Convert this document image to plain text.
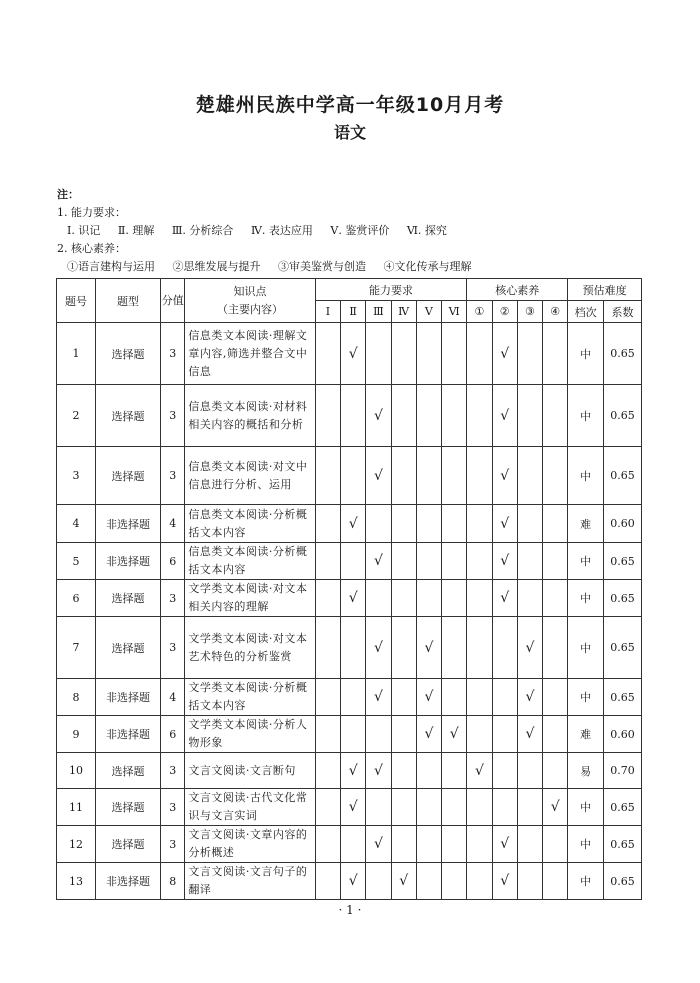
楚雄州民族中学高一年级10月月考
语文
注：
1. 能力要求：
Ⅰ. 识记 Ⅱ. 理解 Ⅲ. 分析综合 Ⅳ. 表达应用 Ⅴ. 鉴赏评价 Ⅵ. 探究
2. 核心素养：
①语言建构与运用 ②思维发展与提升 ③审美鉴赏与创造 ④文化传承与理解
题号	题型	分值	知识点
（主要内容）	能力要求						核心素养				预估难度	
				Ⅰ	Ⅱ	Ⅲ	Ⅳ	Ⅴ	Ⅵ	①	②	③	④	档次	系数
1	选择题	3	信息类文本阅读·理解文章内容,筛选并整合文中信息		√						√			中	0.65
2	选择题	3	信息类文本阅读·对材料相关内容的概括和分析			√					√			中	0.65
3	选择题	3	信息类文本阅读·对文中信息进行分析、运用			√					√			中	0.65
4	非选择题	4	信息类文本阅读·分析概括文本内容		√						√			难	0.60
5	非选择题	6	信息类文本阅读·分析概括文本内容			√					√			中	0.65
6	选择题	3	文学类文本阅读·对文本相关内容的理解		√						√			中	0.65
7	选择题	3	文学类文本阅读·对文本艺术特色的分析鉴赏			√		√				√		中	0.65
8	非选择题	4	文学类文本阅读·分析概括文本内容			√		√				√		中	0.65
9	非选择题	6	文学类文本阅读·分析人物形象					√	√			√		难	0.60
10	选择题	3	文言文阅读·文言断句		√	√				√				易	0.70
11	选择题	3	文言文阅读·古代文化常识与文言实词		√								√	中	0.65
12	选择题	3	文言文阅读·文章内容的分析概述			√					√			中	0.65
13	非选择题	8	文言文阅读·文言句子的翻译		√		√				√			中	0.65
· 1 ·
